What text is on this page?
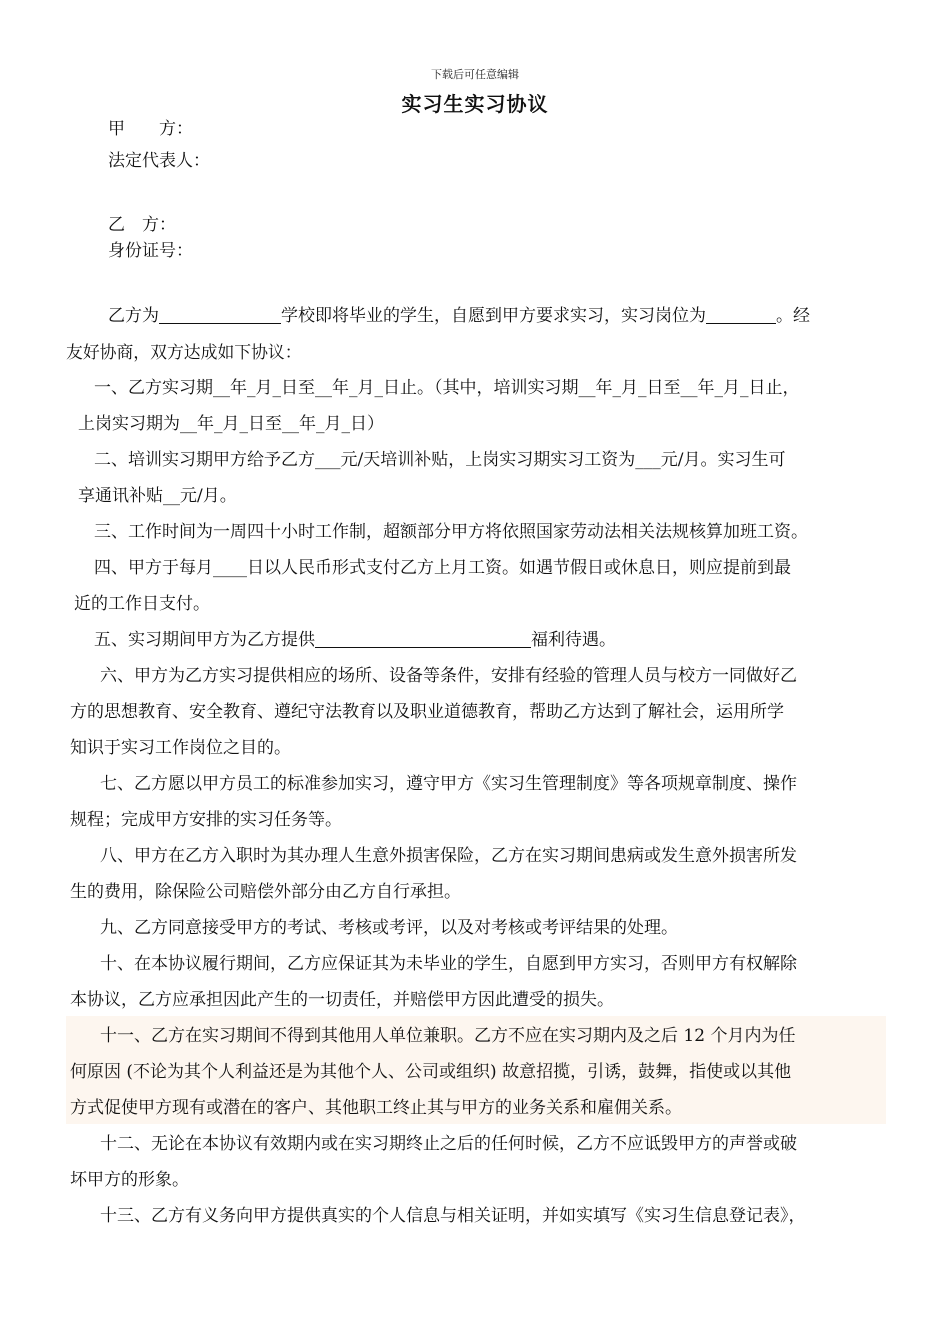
下载后可任意编辑
实习生实习协议
甲　　方：
法定代表人：
乙　方：
身份证号：
乙方为	学校即将毕业的学生，自愿到甲方要求实习，实习岗位为	。经
友好协商，双方达成如下协议：
一、乙方实习期__年_月_日至__年_月_日止。（其中，培训实习期__年_月_日至__年_月_日止，
上岗实习期为__年_月_日至__年_月_日）
二、培训实习期甲方给予乙方___元/天培训补贴，上岗实习期实习工资为___元/月。实习生可
享通讯补贴__元/月。
三、工作时间为一周四十小时工作制，超额部分甲方将依照国家劳动法相关法规核算加班工资。
四、甲方于每月____日以人民币形式支付乙方上月工资。如遇节假日或休息日，则应提前到最
近的工作日支付。
五、实习期间甲方为乙方提供	福利待遇。
六、甲方为乙方实习提供相应的场所、设备等条件，安排有经验的管理人员与校方一同做好乙
方的思想教育、安全教育、遵纪守法教育以及职业道德教育，帮助乙方达到了解社会，运用所学
知识于实习工作岗位之目的。
七、乙方愿以甲方员工的标准参加实习，遵守甲方《实习生管理制度》等各项规章制度、操作
规程；完成甲方安排的实习任务等。
八、甲方在乙方入职时为其办理人生意外损害保险，乙方在实习期间患病或发生意外损害所发
生的费用，除保险公司赔偿外部分由乙方自行承担。
九、乙方同意接受甲方的考试、考核或考评，以及对考核或考评结果的处理。
十、在本协议履行期间，乙方应保证其为未毕业的学生，自愿到甲方实习，否则甲方有权解除
本协议，乙方应承担因此产生的一切责任，并赔偿甲方因此遭受的损失。
十一、乙方在实习期间不得到其他用人单位兼职。乙方不应在实习期内及之后 12 个月内为任
何原因 (不论为其个人利益还是为其他个人、公司或组织) 故意招揽，引诱，鼓舞，指使或以其他
方式促使甲方现有或潜在的客户、其他职工终止其与甲方的业务关系和雇佣关系。
十二、无论在本协议有效期内或在实习期终止之后的任何时候，乙方不应诋毁甲方的声誉或破
坏甲方的形象。
十三、乙方有义务向甲方提供真实的个人信息与相关证明，并如实填写《实习生信息登记表》，
